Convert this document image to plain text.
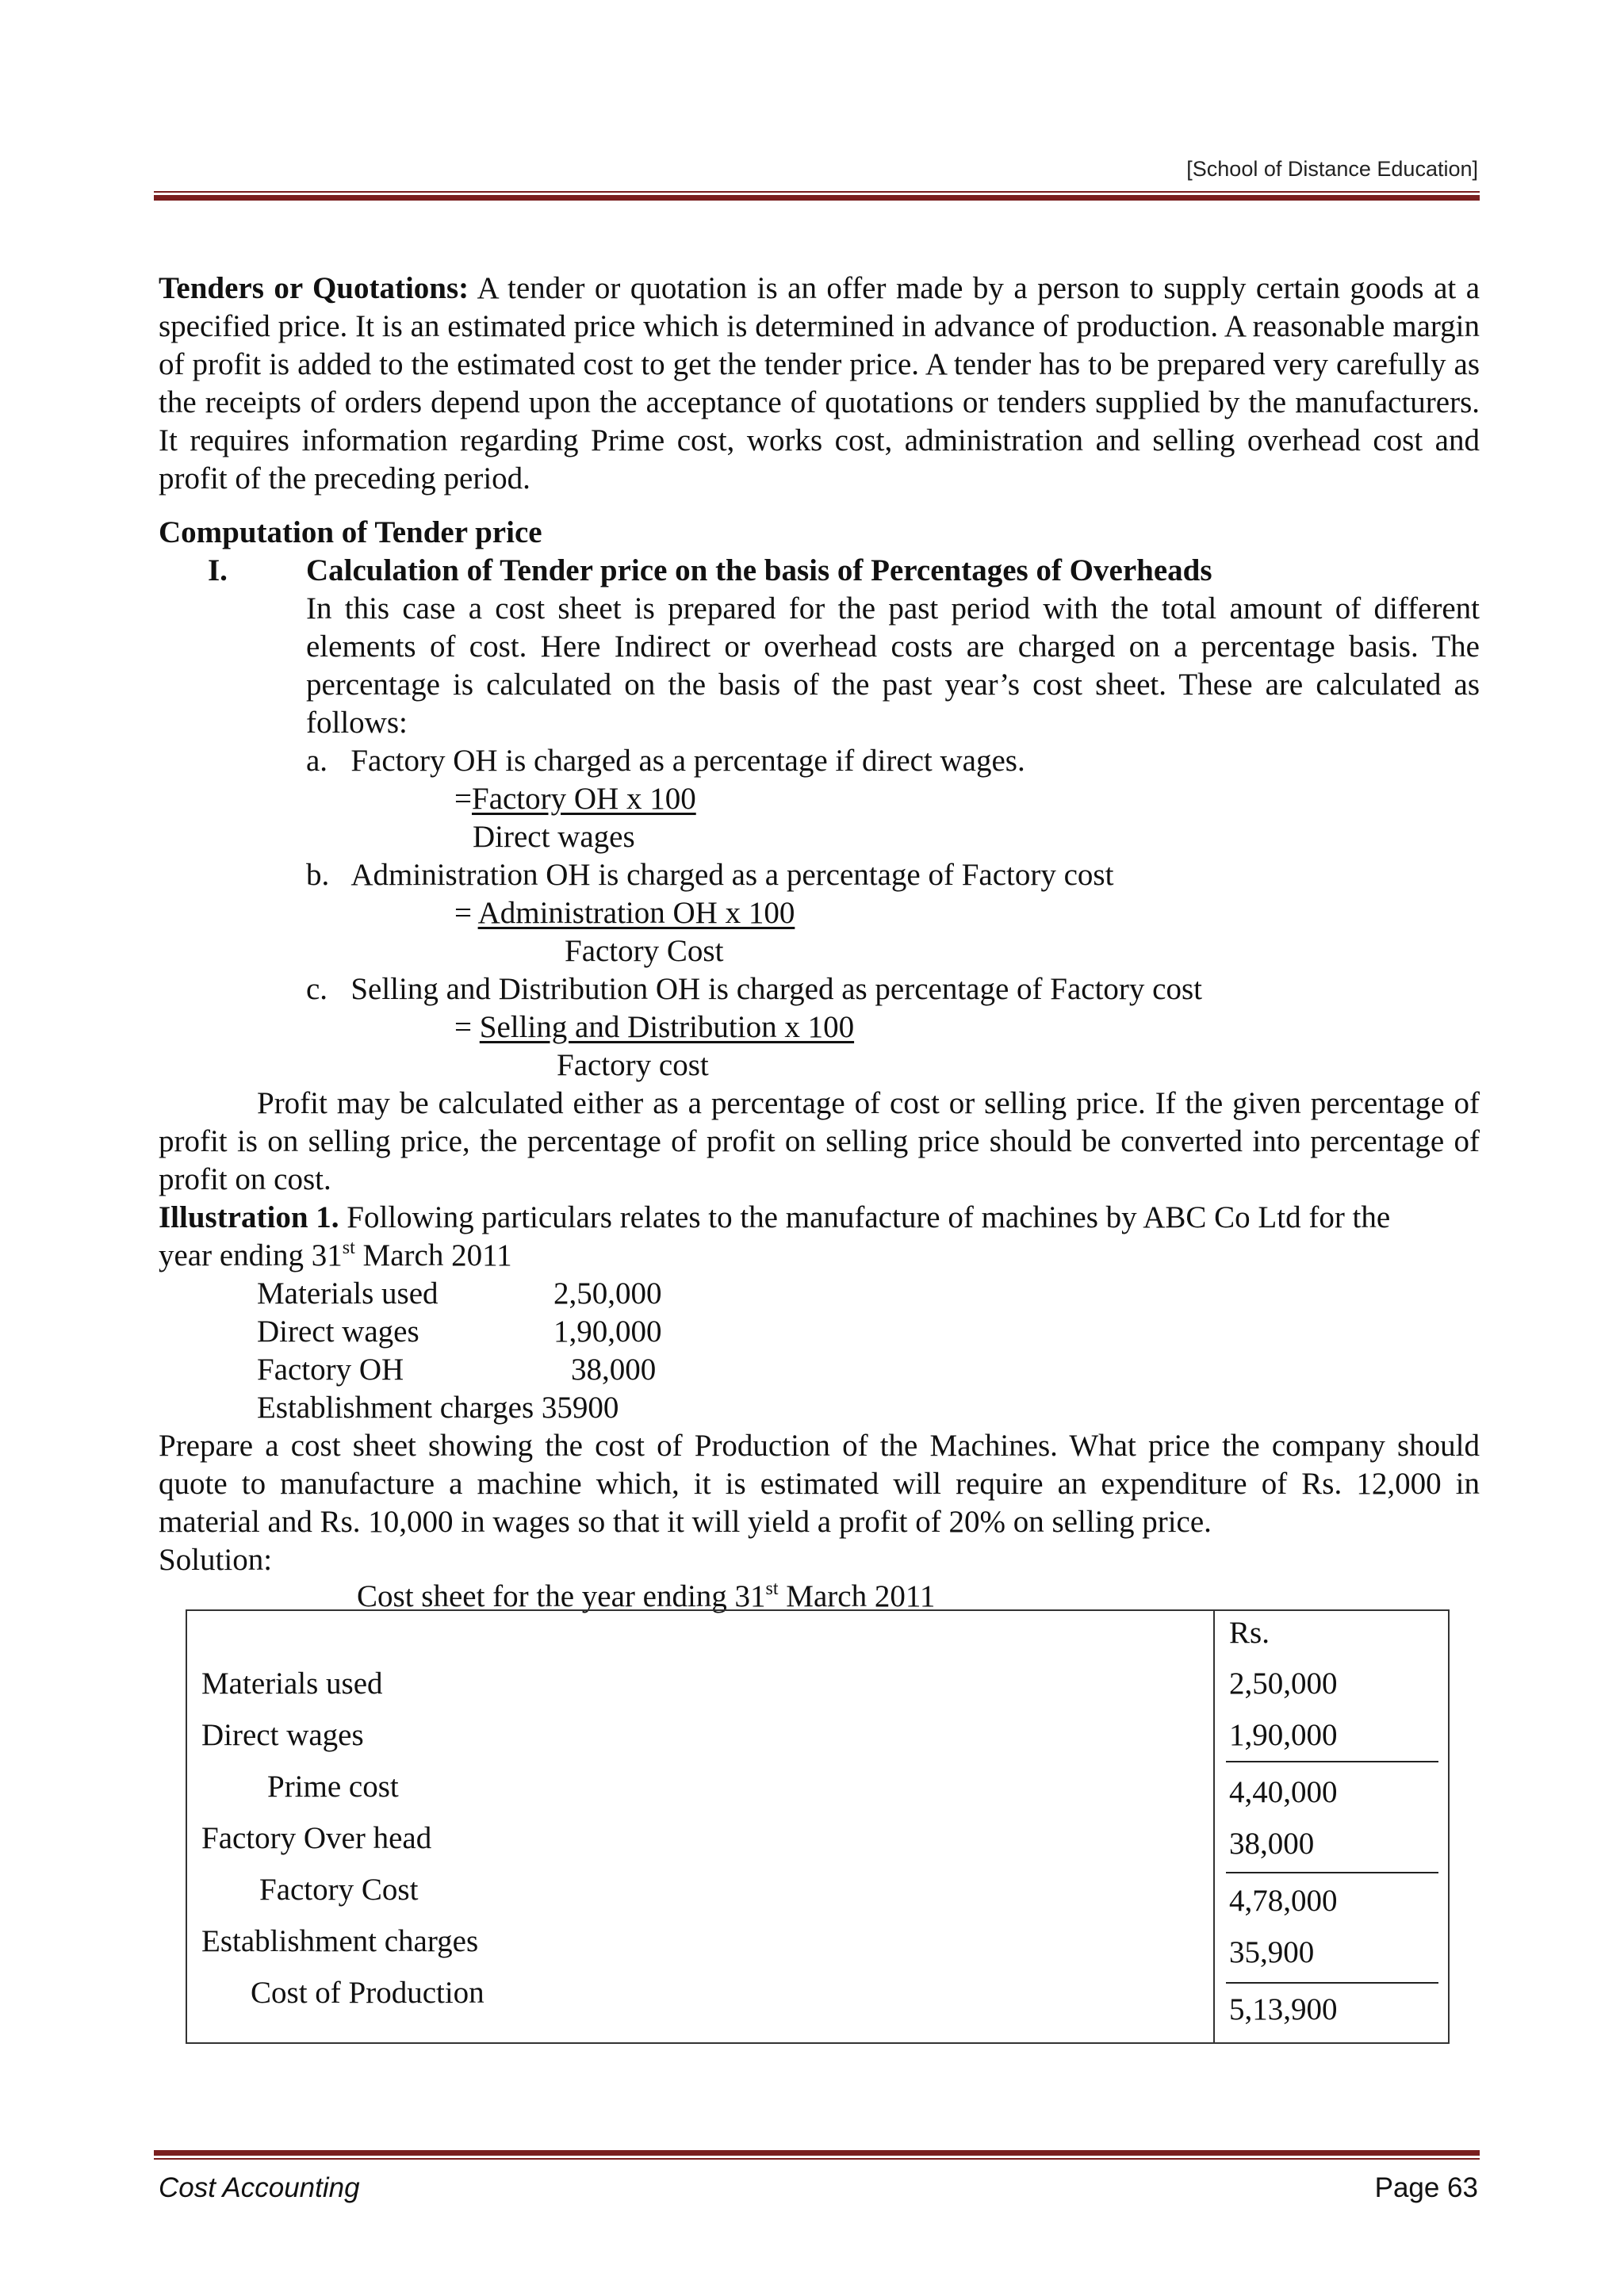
[School of Distance Education]

Tenders or Quotations: A tender or quotation is an offer made by a person to supply certain goods at a specified price. It is an estimated price which is determined in advance of production. A reasonable margin of profit is added to the estimated cost to get the tender price. A tender has to be prepared very carefully as the receipts of orders depend upon the acceptance of quotations or tenders supplied by the manufacturers. It requires information regarding Prime cost, works cost, administration and selling overhead cost and profit of the preceding period.

Computation of Tender price
I.	Calculation of Tender price on the basis of Percentages of Overheads

In this case a cost sheet is prepared for the past period with the total amount of different elements of cost. Here Indirect or overhead costs are charged on a percentage basis. The percentage is calculated on the basis of the past year’s cost sheet. These are calculated as follows:

a. Factory OH is charged as a percentage if direct wages.
=Factory OH x 100
Direct wages
b. Administration OH is charged as a percentage of Factory cost
= Administration OH x 100
Factory Cost
c. Selling and Distribution OH is charged as percentage of Factory cost
= Selling and Distribution x 100
Factory cost

Profit may be calculated either as a percentage of cost or selling price. If the given percentage of profit is on selling price, the percentage of profit on selling price should be converted into percentage of profit on cost.

Illustration 1. Following particulars relates to the manufacture of machines by ABC Co Ltd for the

year ending 31st March 2011
Materials used	2,50,000
Direct wages	1,90,000
Factory OH	38,000
Establishment charges 35900

Prepare a cost sheet showing the cost of Production of the Machines. What price the company should quote to manufacture a machine which, it is estimated will require an expenditure of Rs. 12,000 in material and Rs. 10,000 in wages so that it will yield a profit of 20% on selling price.

Solution:
Cost sheet for the year ending 31st March 2011
Rs.
Materials used	2,50,000
Direct wages	1,90,000
Prime cost	4,40,000
Factory Over head	38,000
Factory Cost	4,78,000
Establishment charges	35,900
Cost of Production	5,13,900
Cost Accounting	Page 63
